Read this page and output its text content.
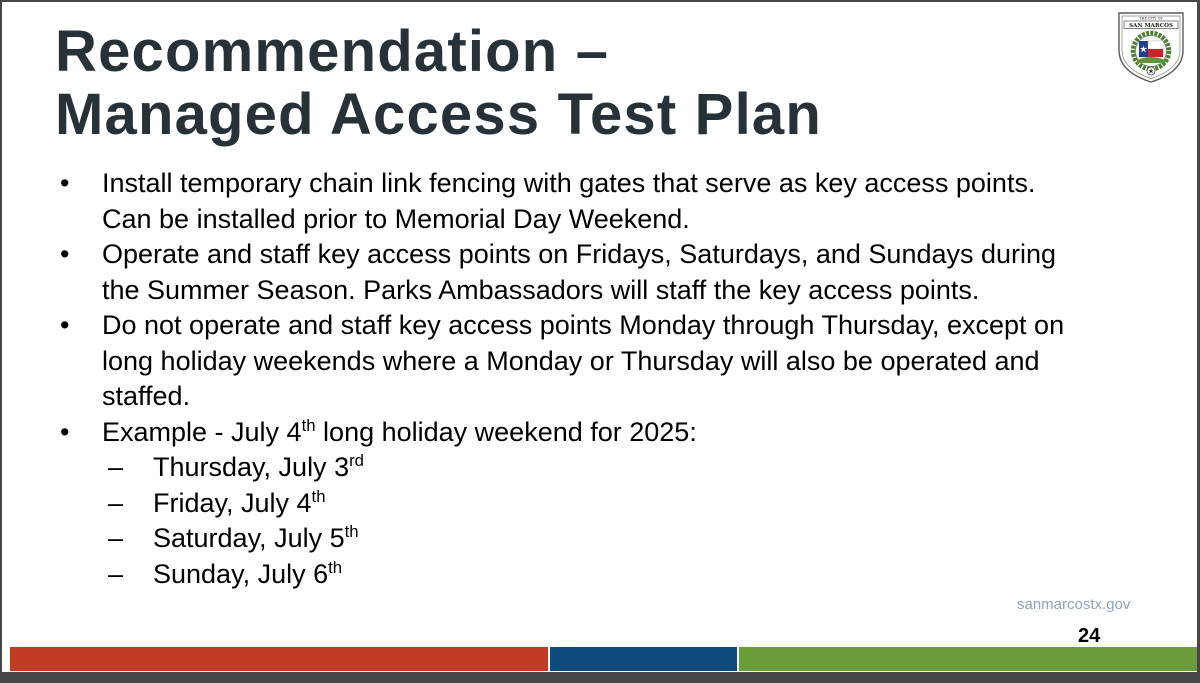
Recommendation –
Managed Access Test Plan
THE CITY OF
SAN MARCOS
• Install temporary chain link fencing with gates that serve as key access points.
Can be installed prior to Memorial Day Weekend.
• Operate and staff key access points on Fridays, Saturdays, and Sundays during
the Summer Season. Parks Ambassadors will staff the key access points.
• Do not operate and staff key access points Monday through Thursday, except on
long holiday weekends where a Monday or Thursday will also be operated and
staffed.
• Example - July 4th long holiday weekend for 2025:
– Thursday, July 3rd
– Friday, July 4th
– Saturday, July 5th
– Sunday, July 6th
sanmarcostx.gov
24
